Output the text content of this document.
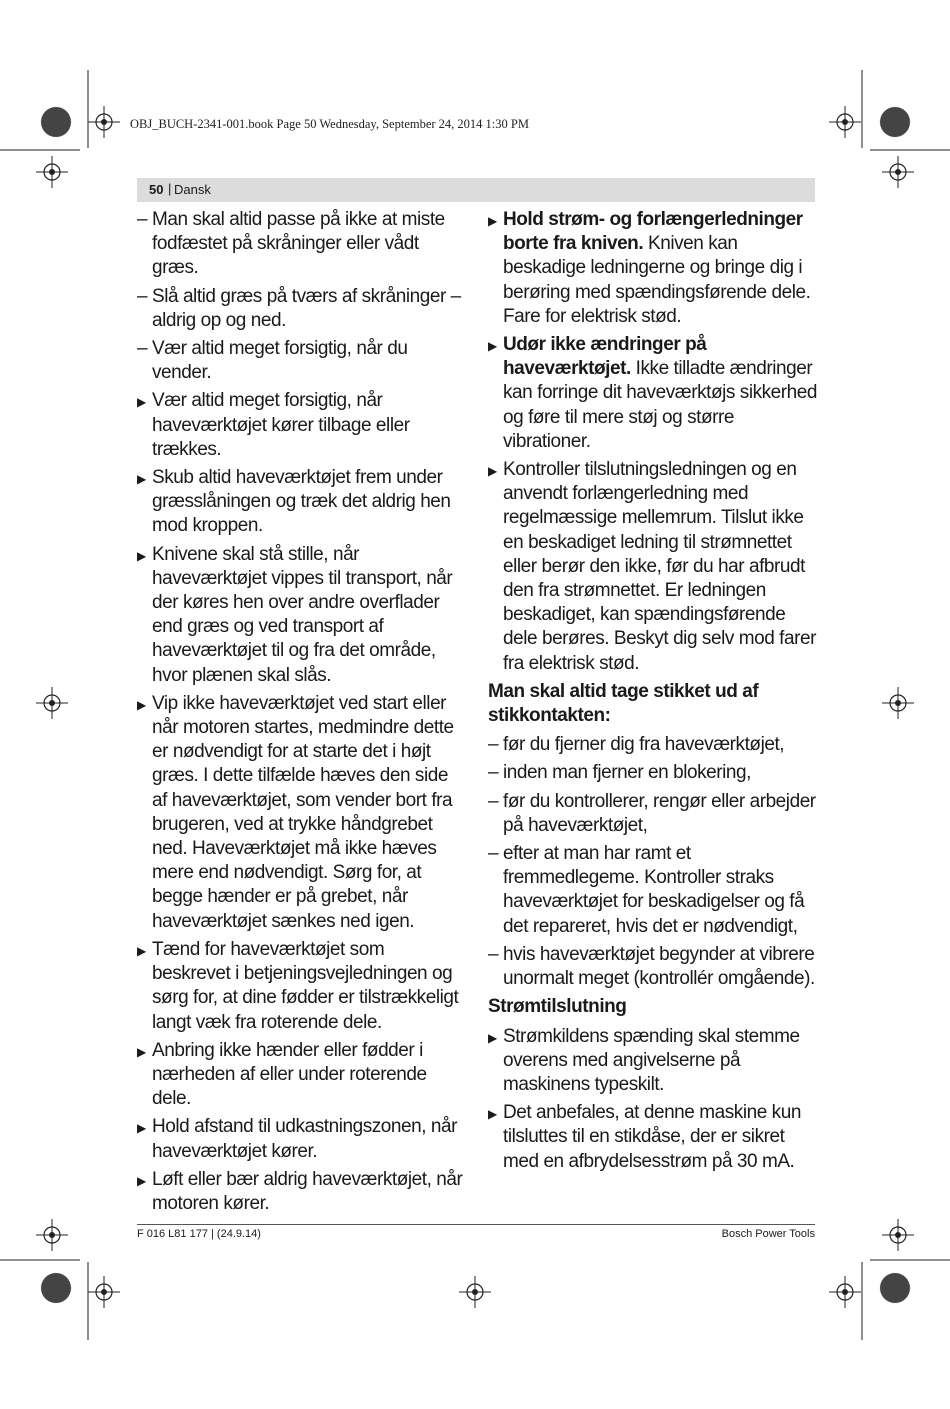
OBJ_BUCH-2341-001.book Page 50 Wednesday, September 24, 2014 1:30 PM
50 | Dansk
– Man skal altid passe på ikke at miste fodfæstet på skråninger eller vådt græs.
– Slå altid græs på tværs af skråninger – aldrig op og ned.
– Vær altid meget forsigtig, når du vender.
▶ Vær altid meget forsigtig, når haveværktøjet kører tilbage eller trækkes.
▶ Skub altid haveværktøjet frem under græsslåningen og træk det aldrig hen mod kroppen.
▶ Knivene skal stå stille, når haveværktøjet vippes til transport, når der køres hen over andre overflader end græs og ved transport af haveværktøjet til og fra det område, hvor plænen skal slås.
▶ Vip ikke haveværktøjet ved start eller når motoren startes, medmindre dette er nødvendigt for at starte det i højt græs. I dette tilfælde hæves den side af haveværktøjet, som vender bort fra brugeren, ved at trykke håndgrebet ned. Haveværktøjet må ikke hæves mere end nødvendigt. Sørg for, at begge hænder er på grebet, når haveværktøjet sænkes ned igen.
▶ Tænd for haveværktøjet som beskrevet i betjeningsvejledningen og sørg for, at dine fødder er tilstrækkeligt langt væk fra roterende dele.
▶ Anbring ikke hænder eller fødder i nærheden af eller under roterende dele.
▶ Hold afstand til udkastningszonen, når haveværktøjet kører.
▶ Løft eller bær aldrig haveværktøjet, når motoren kører.
▶ Hold strøm- og forlængerledninger borte fra kniven. Kniven kan beskadige ledningerne og bringe dig i berøring med spændingsførende dele. Fare for elektrisk stød.
▶ Udør ikke ændringer på haveværktøjet. Ikke tilladte ændringer kan forringe dit haveværktøjs sikkerhed og føre til mere støj og større vibrationer.
▶ Kontroller tilslutningsledningen og en anvendt forlængerledning med regelmæssige mellemrum. Tilslut ikke en beskadiget ledning til strømnettet eller berør den ikke, før du har afbrudt den fra strømnettet. Er ledningen beskadiget, kan spændingsførende dele berøres. Beskyt dig selv mod farer fra elektrisk stød.
Man skal altid tage stikket ud af stikkontakten:
– før du fjerner dig fra haveværktøjet,
– inden man fjerner en blokering,
– før du kontrollerer, rengør eller arbejder på haveværktøjet,
– efter at man har ramt et fremmedlegeme. Kontroller straks haveværktøjet for beskadigelser og få det repareret, hvis det er nødvendigt,
– hvis haveværktøjet begynder at vibrere unormalt meget (kontrollér omgående).
Strømtilslutning
▶ Strømkildens spænding skal stemme overens med angivelserne på maskinens typeskilt.
▶ Det anbefales, at denne maskine kun tilsluttes til en stikdåse, der er sikret med en afbrydelsesstrøm på 30 mA.
F 016 L81 177 | (24.9.14)	Bosch Power Tools
